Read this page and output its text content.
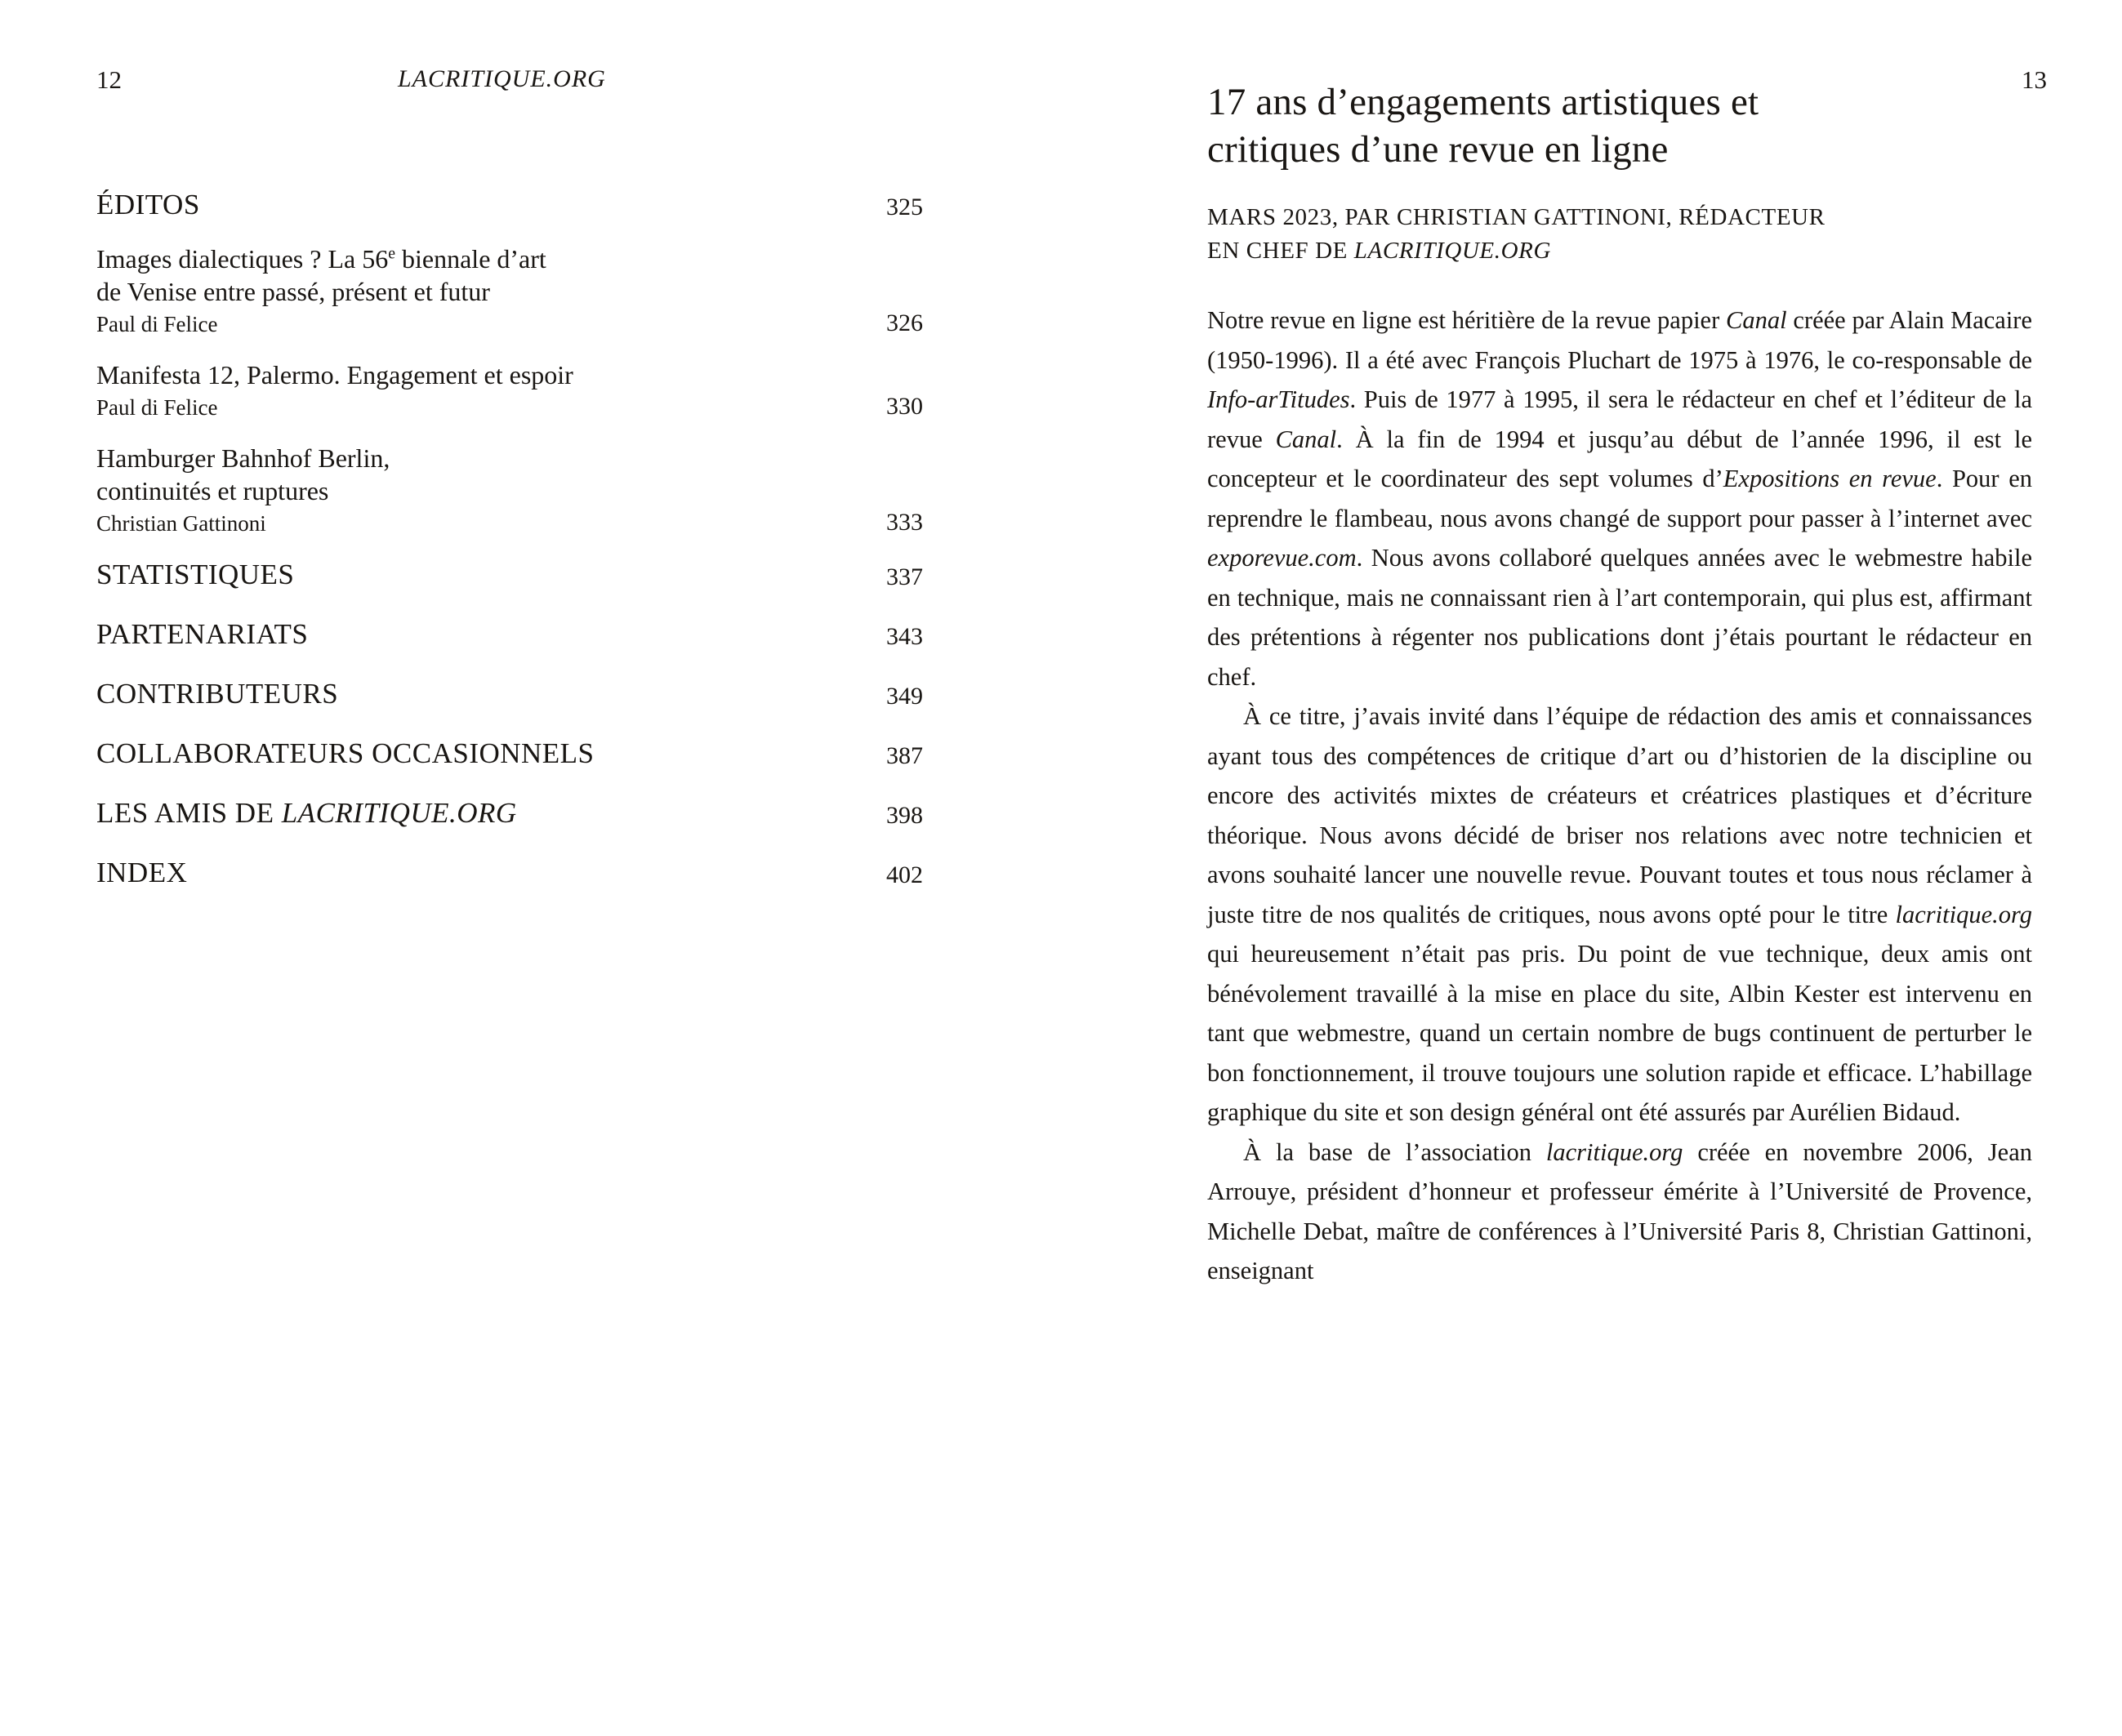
12	LACRITIQUE.ORG	13
ÉDITOS	325
Images dialectiques ? La 56e biennale d’art
de Venise entre passé, présent et futur
Paul di Felice	326
Manifesta 12, Palermo. Engagement et espoir
Paul di Felice	330
Hamburger Bahnhof Berlin,
continuités et ruptures
Christian Gattinoni	333
STATISTIQUES	337
PARTENARIATS	343
CONTRIBUTEURS	349
COLLABORATEURS OCCASIONNELS	387
LES AMIS DE LACRITIQUE.ORG	398
INDEX	402
17 ans d’engagements artistiques et
critiques d’une revue en ligne
MARS 2023, PAR CHRISTIAN GATTINONI, RÉDACTEUR
EN CHEF DE LACRITIQUE.ORG

Notre revue en ligne est héritière de la revue papier Canal créée par Alain Macaire (1950-1996). Il a été avec François Pluchart de 1975 à 1976, le co-responsable de Info-arTitudes. Puis de 1977 à 1995, il sera le rédacteur en chef et l’éditeur de la revue Canal. À la fin de 1994 et jusqu’au début de l’année 1996, il est le concepteur et le coordinateur des sept volumes d’Expositions en revue. Pour en reprendre le flambeau, nous avons changé de support pour passer à l’internet avec exporevue.com. Nous avons collaboré quelques années avec le webmestre habile en technique, mais ne connaissant rien à l’art contemporain, qui plus est, affirmant des prétentions à régenter nos publications dont j’étais pourtant le rédacteur en chef.

À ce titre, j’avais invité dans l’équipe de rédaction des amis et connaissances ayant tous des compétences de critique d’art ou d’historien de la discipline ou encore des activités mixtes de créateurs et créatrices plastiques et d’écriture théorique. Nous avons décidé de briser nos relations avec notre technicien et avons souhaité lancer une nouvelle revue. Pouvant toutes et tous nous réclamer à juste titre de nos qualités de critiques, nous avons opté pour le titre lacritique.org qui heureusement n’était pas pris. Du point de vue technique, deux amis ont bénévolement travaillé à la mise en place du site, Albin Kester est intervenu en tant que webmestre, quand un certain nombre de bugs continuent de perturber le bon fonctionnement, il trouve toujours une solution rapide et efficace. L’habillage graphique du site et son design général ont été assurés par Aurélien Bidaud.

À la base de l’association lacritique.org créée en novembre 2006, Jean Arrouye, président d’honneur et professeur émérite à l’Université de Provence, Michelle Debat, maître de conférences à l’Université Paris 8, Christian Gattinoni, enseignant
